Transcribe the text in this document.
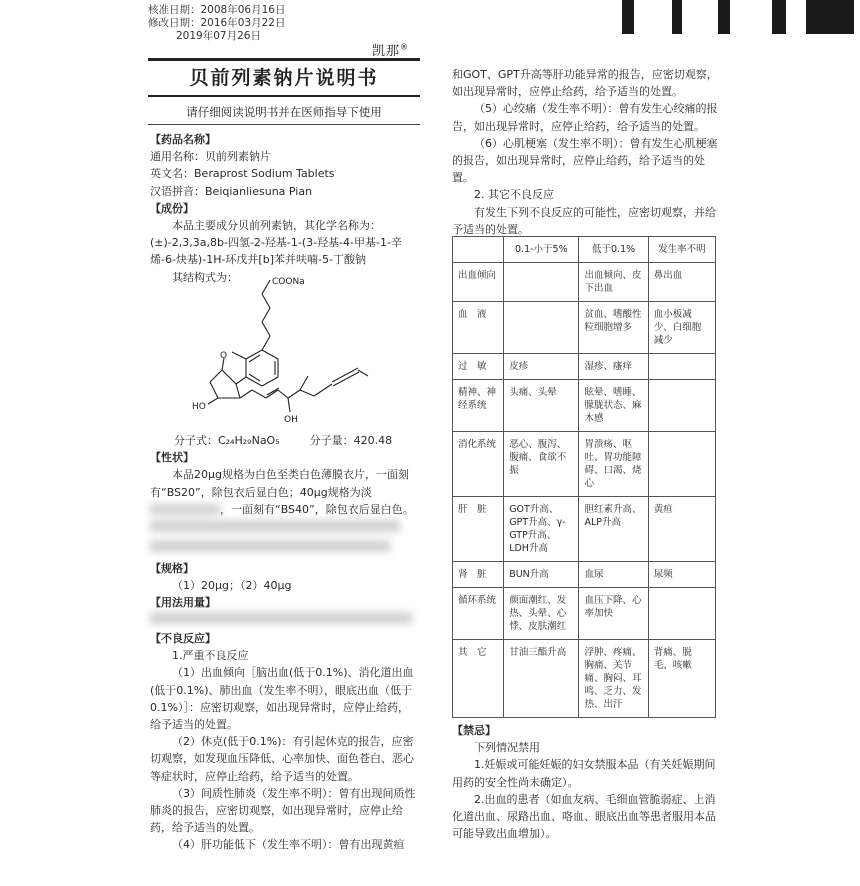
核准日期：2008年06月16日
修改日期：2016年03月22日
2019年07月26日
凯那®
贝前列素钠片说明书
请仔细阅读说明书并在医师指导下使用

【药品名称】

通用名称：贝前列素钠片

英文名：Beraprost Sodium Tablets

汉语拼音：Beiqianliesuna Pian

【成份】

本品主要成分贝前列素钠，其化学名称为：(±)-2,3,3a,8b-四氢-2-羟基-1-(3-羟基-4-甲基-1-辛烯-6-炔基)-1H-环戊并[b]苯并呋喃-5-丁酸钠

其结构式为：	COONa
O
HO
OH

分子式：C₂₄H₂₉NaO₅	分子量：420.48

【性状】

本品20μg规格为白色至类白色薄膜衣片，一面刻有“BS20”，除包衣后显白色；40μg规格为淡

，一面刻有“BS40”，除包衣后显白色。

【规格】

（1）20μg；（2）40μg

【用法用量】

【不良反应】

1.严重不良反应

（1）出血倾向［脑出血(低于0.1%)、消化道出血(低于0.1%)、肺出血（发生率不明），眼底出血（低于0.1%）］：应密切观察，如出现异常时，应停止给药，给予适当的处置。

（2）休克(低于0.1%)：有引起休克的报告，应密切观察，如发现血压降低、心率加快、面色苍白、恶心等症状时，应停止给药，给予适当的处置。

（3）间质性肺炎（发生率不明）：曾有出现间质性肺炎的报告，应密切观察，如出现异常时，应停止给药，给予适当的处置。

（4）肝功能低下（发生率不明）：曾有出现黄疸

和GOT、GPT升高等肝功能异常的报告，应密切观察，如出现异常时，应停止给药，给予适当的处置。

（5）心绞痛（发生率不明）：曾有发生心绞痛的报告，如出现异常时，应停止给药，给予适当的处置。

（6）心肌梗塞（发生率不明）：曾有发生心肌梗塞的报告，如出现异常时，应停止给药，给予适当的处置。

2. 其它不良反应

有发生下列不良反应的可能性，应密切观察，并给予适当的处置。

	0.1-小于5%	低于0.1%	发生率不明
出血倾向		出血倾向、皮下出血	鼻出血
血　液		贫血、嗜酸性粒细胞增多	血小板减少、白细胞减少
过　敏	皮疹	湿疹、瘙痒	
精神、神经系统	头痛、头晕	眩晕、嗜睡、朦胧状态、麻木感	
消化系统	恶心、腹泻、腹痛、食欲不振	胃溃疡、呕吐、胃功能障碍、口渴、烧心	
肝　脏	GOT升高、GPT升高、γ-GTP升高、LDH升高	胆红素升高、ALP升高	黄疸
肾　脏	BUN升高	血尿	尿频
循环系统	颜面潮红、发热、头晕、心悸、皮肤潮红	血压下降、心率加快	
其　它	甘油三酯升高	浮肿、疼痛、胸痛、关节痛、胸闷、耳鸣、乏力、发热、出汗	背痛、脱毛、咳嗽

【禁忌】

下列情况禁用

1.妊娠或可能妊娠的妇女禁服本品（有关妊娠期间用药的安全性尚未确定）。

2.出血的患者（如血友病、毛细血管脆弱症、上消化道出血、尿路出血、咯血、眼底出血等患者服用本品可能导致出血增加）。
